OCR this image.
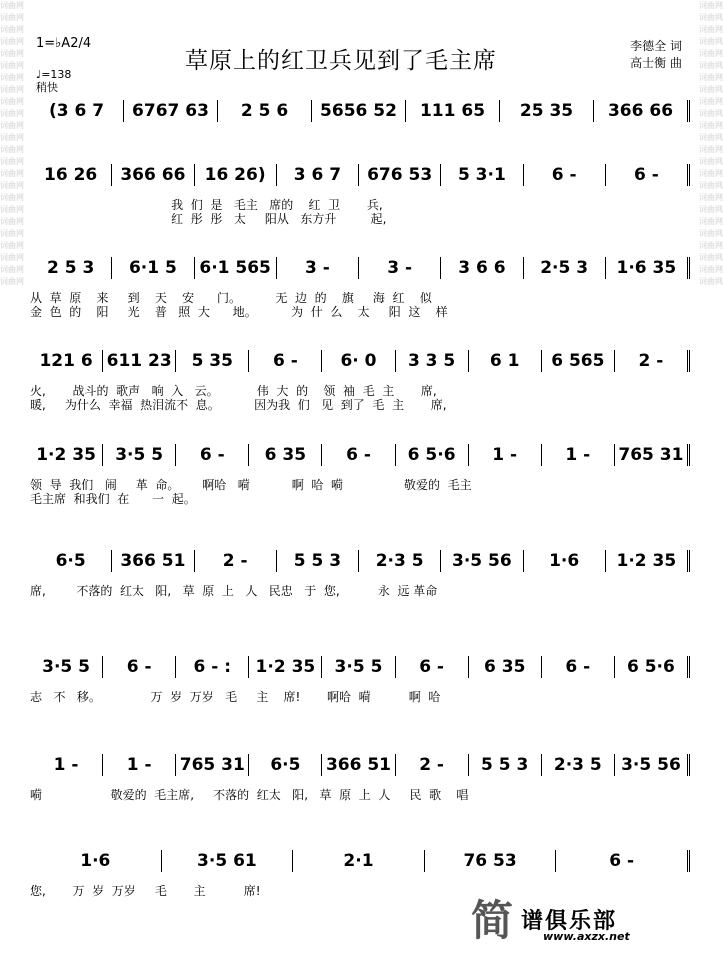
词曲网
词曲网
词曲网
词曲网
词曲网
词曲网
词曲网
词曲网
词曲网
词曲网
词曲网
词曲网
词曲网
词曲网
词曲网
词曲网
词曲网
词曲网
词曲网
词曲网
词曲网
词曲网
词曲网
词曲网

词曲网
词曲网
词曲网
词曲网
词曲网
词曲网
词曲网
词曲网
词曲网
词曲网
词曲网
词曲网
词曲网
词曲网
词曲网
词曲网
词曲网
词曲网
词曲网
词曲网
词曲网
词曲网
词曲网
词曲网

1=♭A2/4
♩=138
稍快
草原上的红卫兵见到了毛主席
李德全 词
高士衡 曲
(3 6 7	6767 63	2 5 6	5656 52	111 65	25 35	366 66
16 26	366 66	16 26)	3 6 7	676 53	5 3·1	6 -	6 -
我  们  是   毛主   席的    红  卫       兵,
红  彤  彤   太     阳从   东方升         起,
2 5 3	6·1 5	6·1 565	3 -	3 -	3 6 6	2·5 3	1·6 35
从  草  原    来     到    天    安      门。         无  边  的    旗     海  红    似
金  色  的    阳     光    普   照  大      地。         为  什  么    太     阳  这    样
121 6 611 23	5 35	6 -	6· 0	3 3 5	6 1	6 565	2 -
火,       战斗的  歌声   响  入   云。          伟  大  的    领  袖  毛  主       席,
暖,     为什么  幸福  热泪流不  息。         因为我  们   见  到了  毛  主       席,
1·2 35	3·5 5	6 -	6 35	6 -	6 5·6	1 -	1 -	765 31
领  导  我们   闹     革  命。      啊哈   嗬           啊  哈  嗬                敬爱的  毛主
毛主席  和我们  在      一  起。
6·5	366 51	2 -	5 5 3	2·3 5	3·5 56	1·6	1·2 35
席,        不落的  红太   阳,   草  原  上   人   民忠   于  您,          永  远 革命
3·5 5	6 -	6 - :	1·2 35	3·5 5	6 -	6 35	6 -	6 5·6
志   不   移。             万  岁  万岁   毛     主    席!       啊哈  嗬          啊  哈
1 -	1 -	765 31	6·5	366 51	2 -	5 5 3	2·3 5	3·5 56
嗬                  敬爱的  毛主席,     不落的  红太   阳,   草  原  上  人     民  歌    唱
1·6	3·5 61	2·1	76 53	6 -
您,       万  岁  万岁     毛       主          席!
简 谱俱乐部
www.axzx.net
